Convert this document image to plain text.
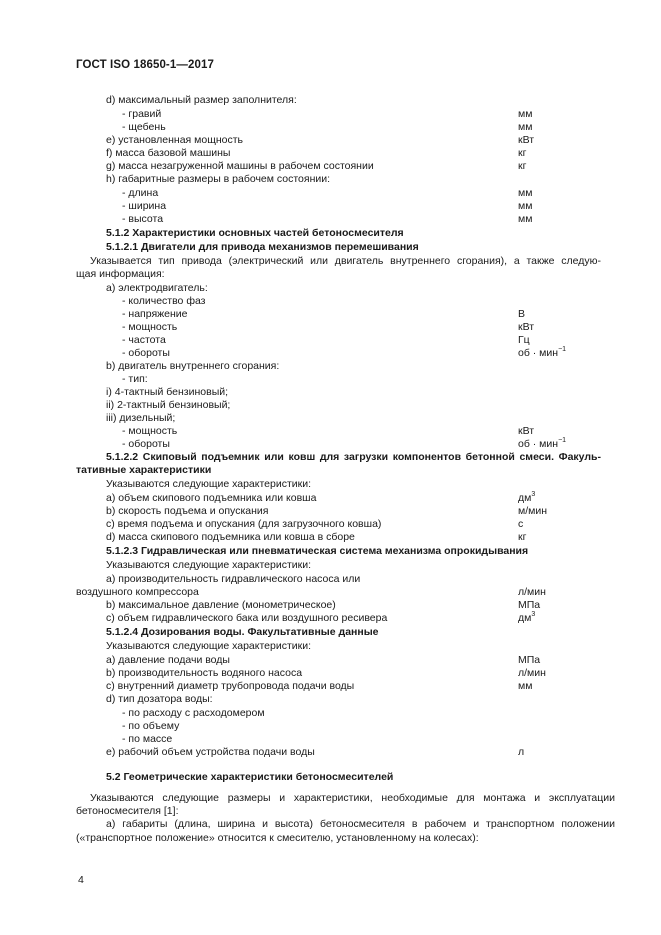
ГОСТ ISO 18650-1—2017
d) максимальный размер заполнителя:
- гравий	мм
- щебень	мм
e) установленная мощность	кВт
f) масса базовой машины	кг
g) масса незагруженной машины в рабочем состоянии	кг
h) габаритные размеры в рабочем состоянии:
- длина	мм
- ширина	мм
- высота	мм
5.1.2 Характеристики основных частей бетоносмесителя
5.1.2.1 Двигатели для привода механизмов перемешивания
Указывается тип привода (электрический или двигатель внутреннего сгорания), а также следую-
щая информация:
a) электродвигатель:
- количество фаз
- напряжение	В
- мощность	кВт
- частота	Гц
- обороты	об · мин$^{-1}$
b) двигатель внутреннего сгорания:
- тип:
i) 4-тактный бензиновый;
ii) 2-тактный бензиновый;
iii) дизельный;
- мощность	кВт
- обороты	об · мин$^{-1}$
5.1.2.2 Скиповый подъемник или ковш для загрузки компонентов бетонной смеси. Факуль-
тативные характеристики
Указываются следующие характеристики:
a) объем скипового подъемника или ковша	$дм^3$
b) скорость подъема и опускания	м/мин
c) время подъема и опускания (для загрузочного ковша)	с
d) масса скипового подъемника или ковша в сборе	кг
5.1.2.3 Гидравлическая или пневматическая система механизма опрокидывания
Указываются следующие характеристики:
a) производительность гидравлического насоса или
воздушного компрессора	л/мин
b) максимальное давление (монометрическое)	МПа
c) объем гидравлического бака или воздушного ресивера	$дм^3$
5.1.2.4 Дозирования воды. Факультативные данные
Указываются следующие характеристики:
a) давление подачи воды	МПа
b) производительность водяного насоса	л/мин
c) внутренний диаметр трубопровода подачи воды	мм
d) тип дозатора воды:
- по расходу с расходомером
- по объему
- по массе
e) рабочий объем устройства подачи воды	л
5.2 Геометрические характеристики бетоносмесителей
Указываются следующие размеры и характеристики, необходимые для монтажа и эксплуатации
бетоносмесителя [1]:
a) габариты (длина, ширина и высота) бетоносмесителя в рабочем и транспортном положении
(«транспортное положение» относится к смесителю, установленному на колесах):
4
